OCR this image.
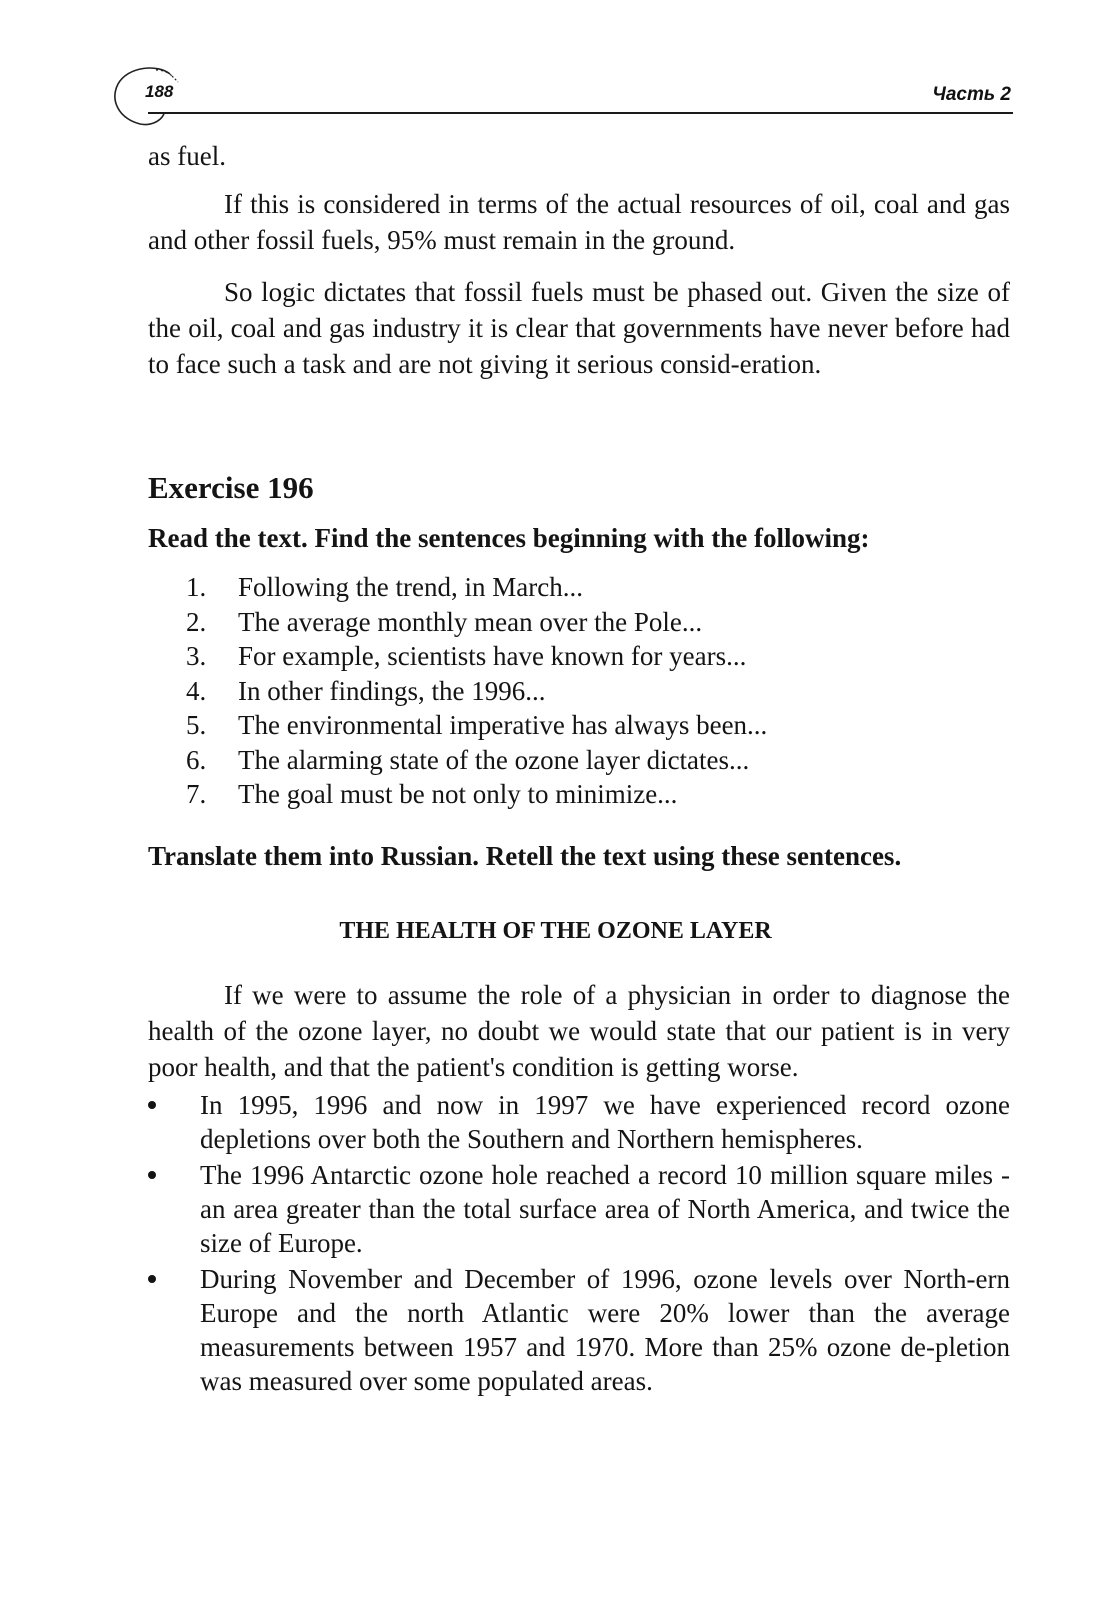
188	Часть 2

as fuel.

If this is considered in terms of the actual resources of oil, coal and gas and other fossil fuels, 95% must remain in the ground.

So logic dictates that fossil fuels must be phased out. Given the size of the oil, coal and gas industry it is clear that governments have never before had to face such a task and are not giving it serious consid-eration.

Exercise 196

Read the text. Find the sentences beginning with the following:

1. Following the trend, in March...
2. The average monthly mean over the Pole...
3. For example, scientists have known for years...
4. In other findings, the 1996...
5. The environmental imperative has always been...
6. The alarming state of the ozone layer dictates...
7. The goal must be not only to minimize...

Translate them into Russian. Retell the text using these sentences.

THE HEALTH OF THE OZONE LAYER

If we were to assume the role of a physician in order to diagnose the health of the ozone layer, no doubt we would state that our patient is in very poor health, and that the patient's condition is getting worse.

In 1995, 1996 and now in 1997 we have experienced record ozone depletions over both the Southern and Northern hemispheres.
The 1996 Antarctic ozone hole reached a record 10 million square miles - an area greater than the total surface area of North America, and twice the size of Europe.
During November and December of 1996, ozone levels over North-ern Europe and the north Atlantic were 20% lower than the average measurements between 1957 and 1970. More than 25% ozone de-pletion was measured over some populated areas.
